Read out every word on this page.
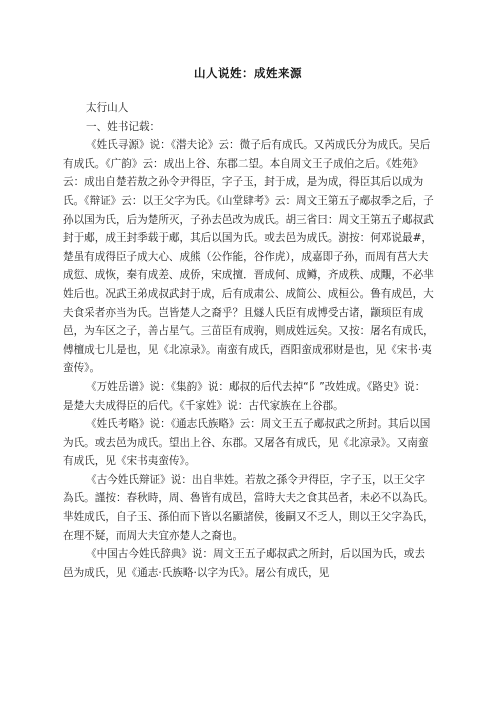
山人说姓：成姓来源

太行山人

一、姓书记载：

《姓氏寻源》说：《潜夫论》云：微子后有成氏。又芮成氏分为成氏。吴后有成氏。《广韵》云：成出上谷、东郡二望。本自周文王子成伯之后。《姓苑》云：成出自楚若敖之孙令尹得臣，字子玉，封于成，是为成，得臣其后以成为氏。《辩证》云：以王父字为氏。《山堂肆考》云：周文王第五子郕叔季之后，子孙以国为氏，后为楚所灭，子孙去邑改为成氏。胡三省曰：周文王第五子郕叔武封于郕，成王封季载于郕，其后以国为氏。或去邑为成氏。澍按：何邓说最#，楚虽有成得臣子成大心、成熊（公作能，谷作虎），成嘉即子孙，而周有莒大夫成愆、成恢，秦有成差、成侨，宋成擅．晋成何、成鳟，齐成秩、成覸，不必芈姓后也。况武王弟成叔武封于成，后有成肃公、成简公、成桓公。鲁有成邑，大夫食采者亦当为氏。岂皆楚人之裔乎？且燧人氏臣有成博受古诸，颛顼臣有成邑，为车区之子，善占星气。三苗臣有成驹，则成姓远矣。又按：屠名有成氏，傅檀成七儿是也，见《北凉录》。南蛮有成氏，酉阳蛮成邪财是也，见《宋书·夷蛮传》。

《万姓岳谱》说：《集韵》说：郕叔的后代去掉“阝”改姓成。《路史》说：是楚大夫成得臣的后代。《千家姓》说：古代家族在上谷郡。

《姓氏考略》说：《通志氏族略》云：周文王五子郕叔武之所封。其后以国为氏。或去邑为成氏。望出上谷、东郡。又屠各有成氏，见《北凉录》。又南蛮有成氏，见《宋书夷蛮传》。

《古今姓氏辩证》说：出自芈姓。若敖之孫令尹得臣，字子玉，以王父字為氏。謹按：春秋時，周、魯皆有成邑，當時大夫之食其邑者，未必不以為氏。芈姓成氏，自子玉、孫伯而下皆以名顯諸侯，後嗣又不乏人，則以王父字為氏，在理不疑，而周大夫宜亦楚人之裔也。

《中国古今姓氏辞典》说：周文王五子郕叔武之所封，后以国为氏，或去邑为成氏，见《通志·氏族略·以字为氏》。屠公有成氏，见
